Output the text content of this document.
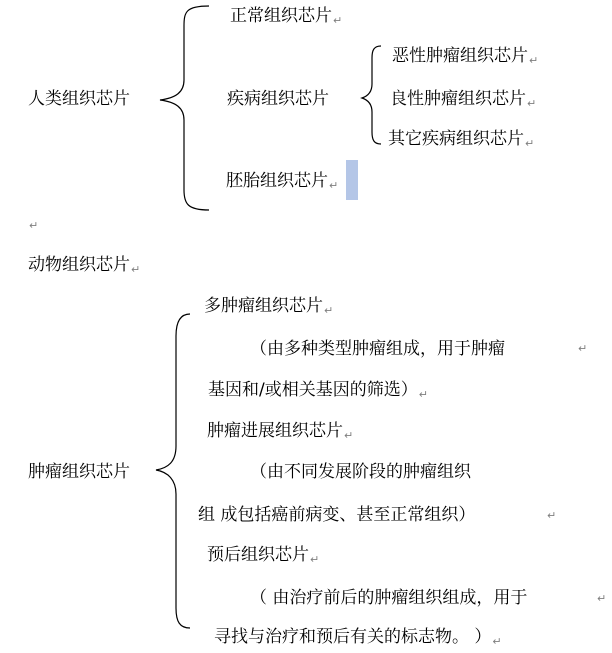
正常组织芯片↵
恶性肿瘤组织芯片↵
人类组织芯片	疾病组织芯片	良性肿瘤组织芯片↵
其它疾病组织芯片↵
胚胎组织芯片↵
↵
动物组织芯片↵
多肿瘤组织芯片↵
（由多种类型肿瘤组成，用于肿瘤	↵
基因和/或相关基因的筛选）↵
肿瘤进展组织芯片↵
肿瘤组织芯片	（由不同发展阶段的肿瘤组织
组 成包括癌前病变、甚至正常组织）	↵
预后组织芯片↵
（ 由治疗前后的肿瘤组织组成，用于	↵
寻找与治疗和预后有关的标志物。 ）↵
